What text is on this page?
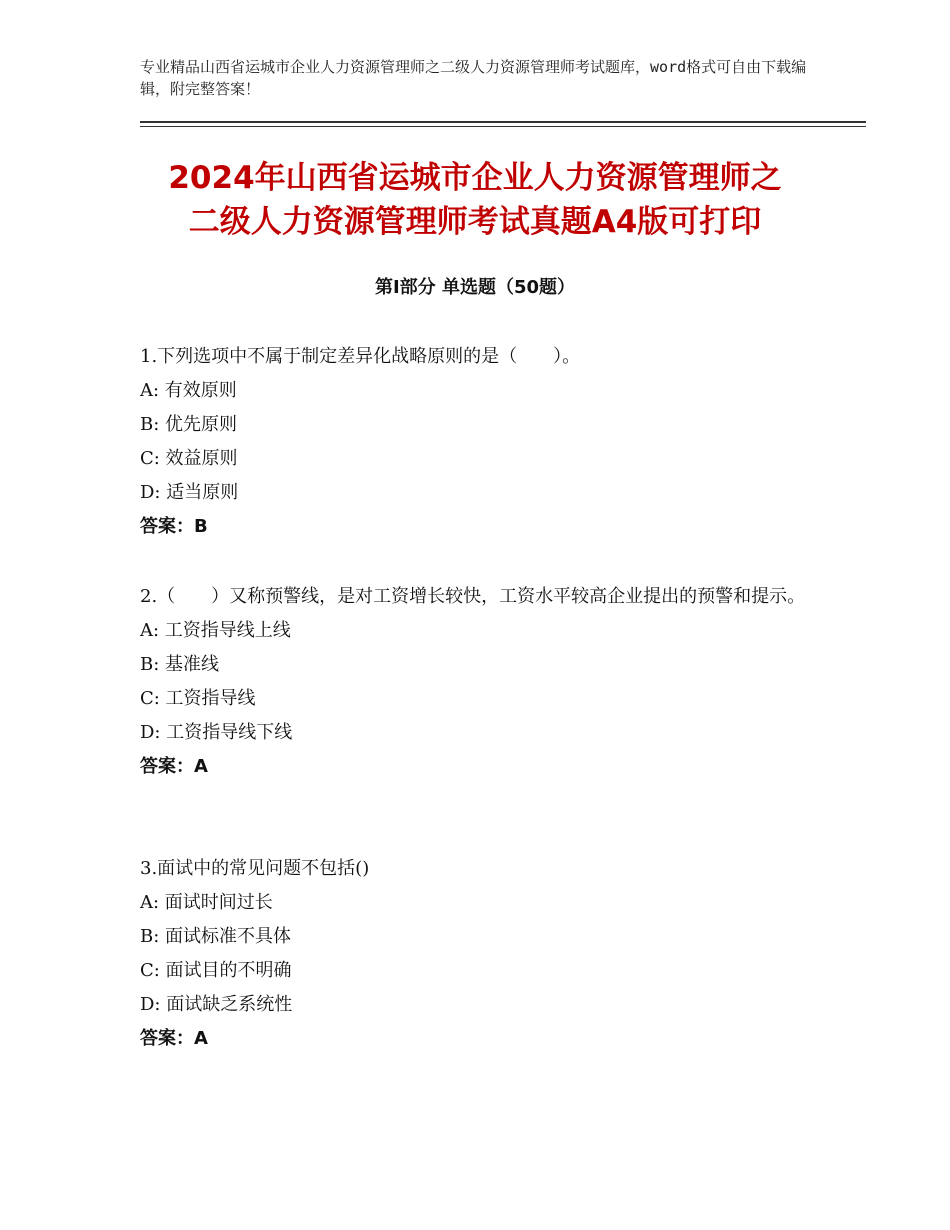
专业精品山西省运城市企业人力资源管理师之二级人力资源管理师考试题库，word格式可自由下载编辑，附完整答案！
2024年山西省运城市企业人力资源管理师之
二级人力资源管理师考试真题A4版可打印
第Ⅰ部分 单选题（50题）
1.下列选项中不属于制定差异化战略原则的是（　　）。
A: 有效原则
B: 优先原则
C: 效益原则
D: 适当原则
答案：B
2.（　　）又称预警线，是对工资增长较快，工资水平较高企业提出的预警和提示。
A: 工资指导线上线
B: 基准线
C: 工资指导线
D: 工资指导线下线
答案：A
3.面试中的常见问题不包括()
A: 面试时间过长
B: 面试标准不具体
C: 面试目的不明确
D: 面试缺乏系统性
答案：A
